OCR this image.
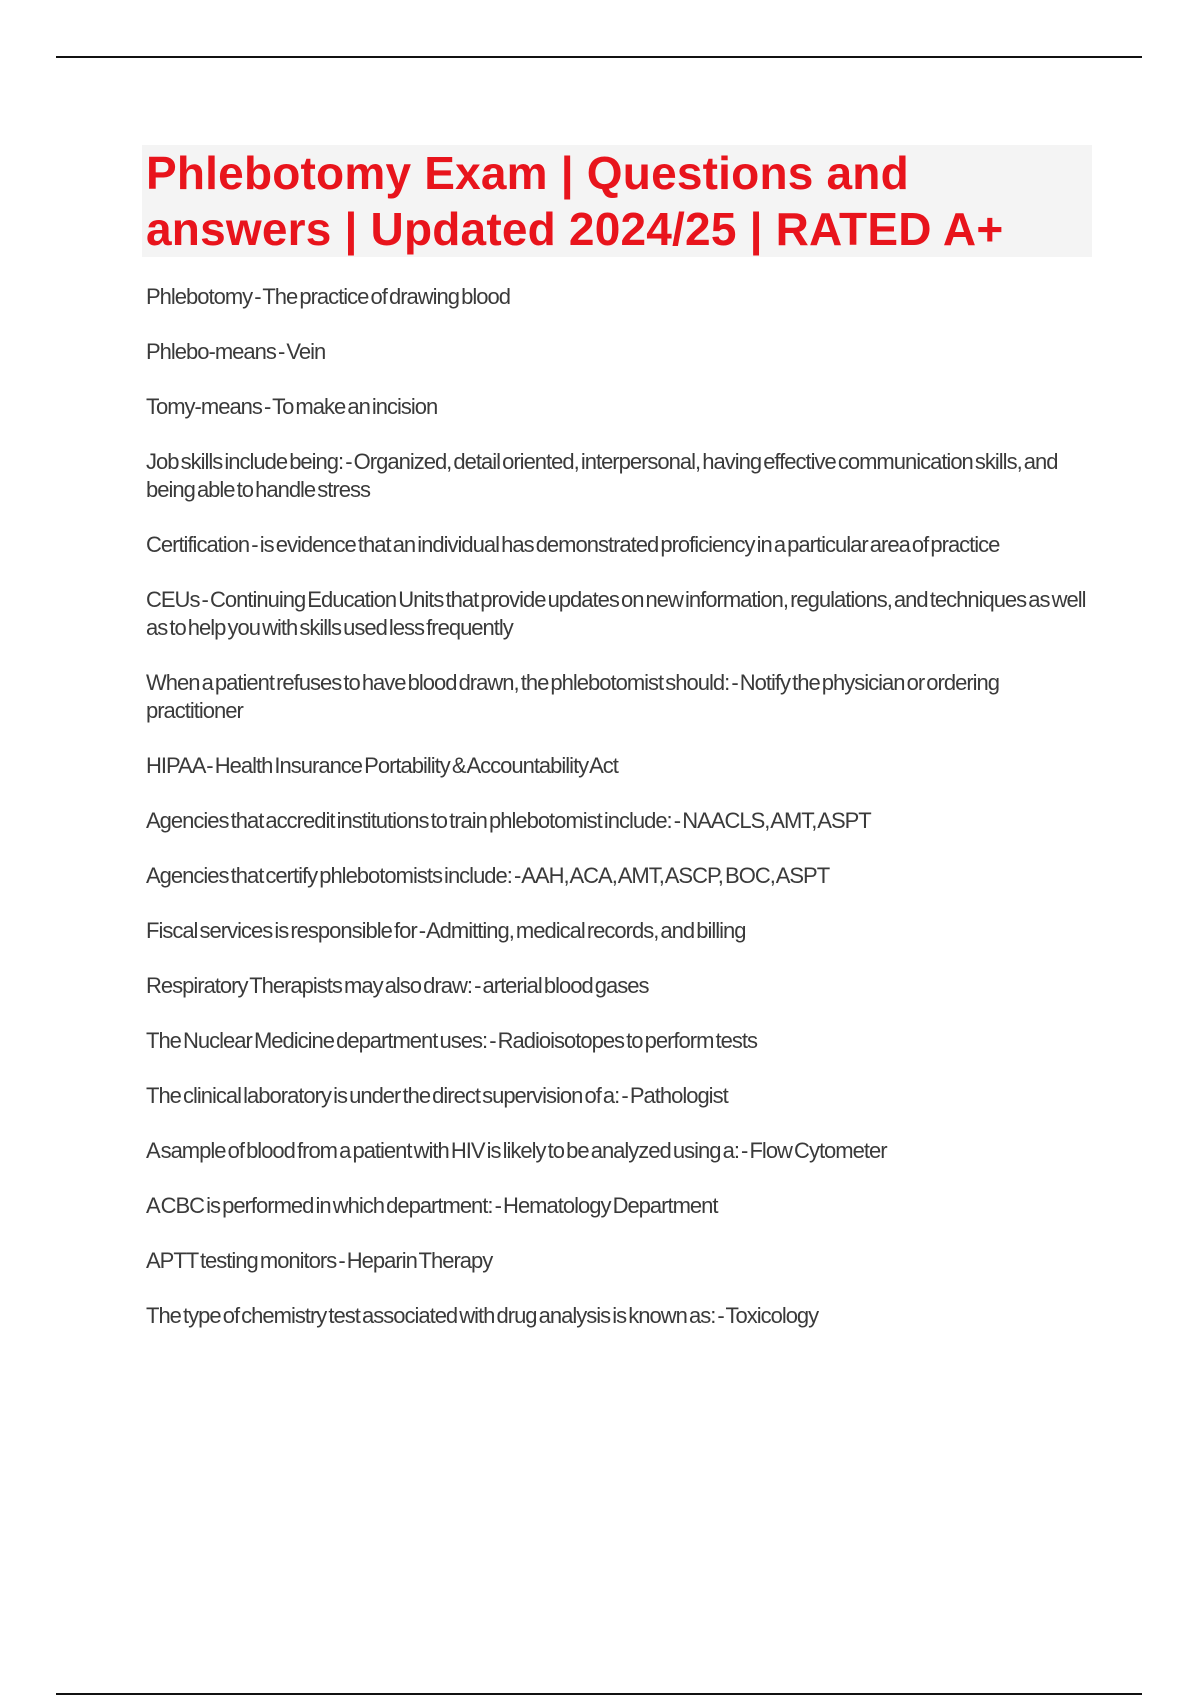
Phlebotomy Exam | Questions and answers | Updated 2024/25 | RATED A+
Phlebotomy - The practice of drawing blood
Phlebo-means - Vein
Tomy-means - To make an incision
Job skills include being: - Organized, detail oriented, interpersonal, having effective communication skills, and being able to handle stress
Certification - is evidence that an individual has demonstrated proficiency in a particular area of practice
CEUs - Continuing Education Units that provide updates on new information, regulations, and techniques as well as to help you with skills used less frequently
When a patient refuses to have blood drawn, the phlebotomist should: - Notify the physician or ordering practitioner
HIPAA - Health Insurance Portability & Accountability Act
Agencies that accredit institutions to train phlebotomist include: - NAACLS, AMT, ASPT
Agencies that certify phlebotomists include: - AAH, ACA, AMT, ASCP, BOC, ASPT
Fiscal services is responsible for - Admitting, medical records, and billing
Respiratory Therapists may also draw: - arterial blood gases
The Nuclear Medicine department uses: - Radioisotopes to perform tests
The clinical laboratory is under the direct supervision of a: - Pathologist
A sample of blood from a patient with HIV is likely to be analyzed using a: - Flow Cytometer
A CBC is performed in which department: - Hematology Department
APTT testing monitors - Heparin Therapy
The type of chemistry test associated with drug analysis is known as: - Toxicology
